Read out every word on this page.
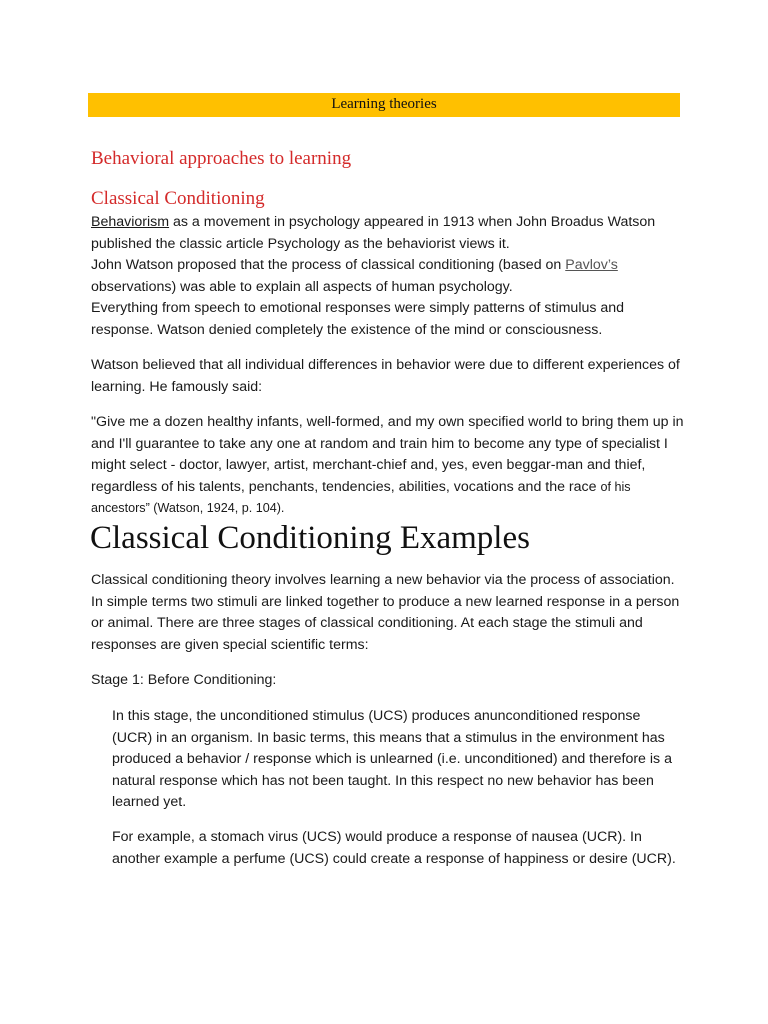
Learning theories
Behavioral approaches to learning
Classical Conditioning

Behaviorism as a movement in psychology appeared in 1913 when John Broadus Watson published the classic article Psychology as the behaviorist views it.
John Watson proposed that the process of classical conditioning (based on Pavlov’s observations) was able to explain all aspects of human psychology.
Everything from speech to emotional responses were simply patterns of stimulus and response. Watson denied completely the existence of the mind or consciousness.

Watson believed that all individual differences in behavior were due to different experiences of learning. He famously said:

"Give me a dozen healthy infants, well-formed, and my own specified world to bring them up in and I'll guarantee to take any one at random and train him to become any type of specialist I might select - doctor, lawyer, artist, merchant-chief and, yes, even beggar-man and thief, regardless of his talents, penchants, tendencies, abilities, vocations and the race of his ancestors” (Watson, 1924, p. 104).

Classical Conditioning Examples

Classical conditioning theory involves learning a new behavior via the process of association. In simple terms two stimuli are linked together to produce a new learned response in a person or animal. There are three stages of classical conditioning. At each stage the stimuli and responses are given special scientific terms:

Stage 1: Before Conditioning:

In this stage, the unconditioned stimulus (UCS) produces anunconditioned response (UCR) in an organism. In basic terms, this means that a stimulus in the environment has produced a behavior / response which is unlearned (i.e. unconditioned) and therefore is a natural response which has not been taught. In this respect no new behavior has been learned yet.

For example, a stomach virus (UCS) would produce a response of nausea (UCR). In another example a perfume (UCS) could create a response of happiness or desire (UCR).
